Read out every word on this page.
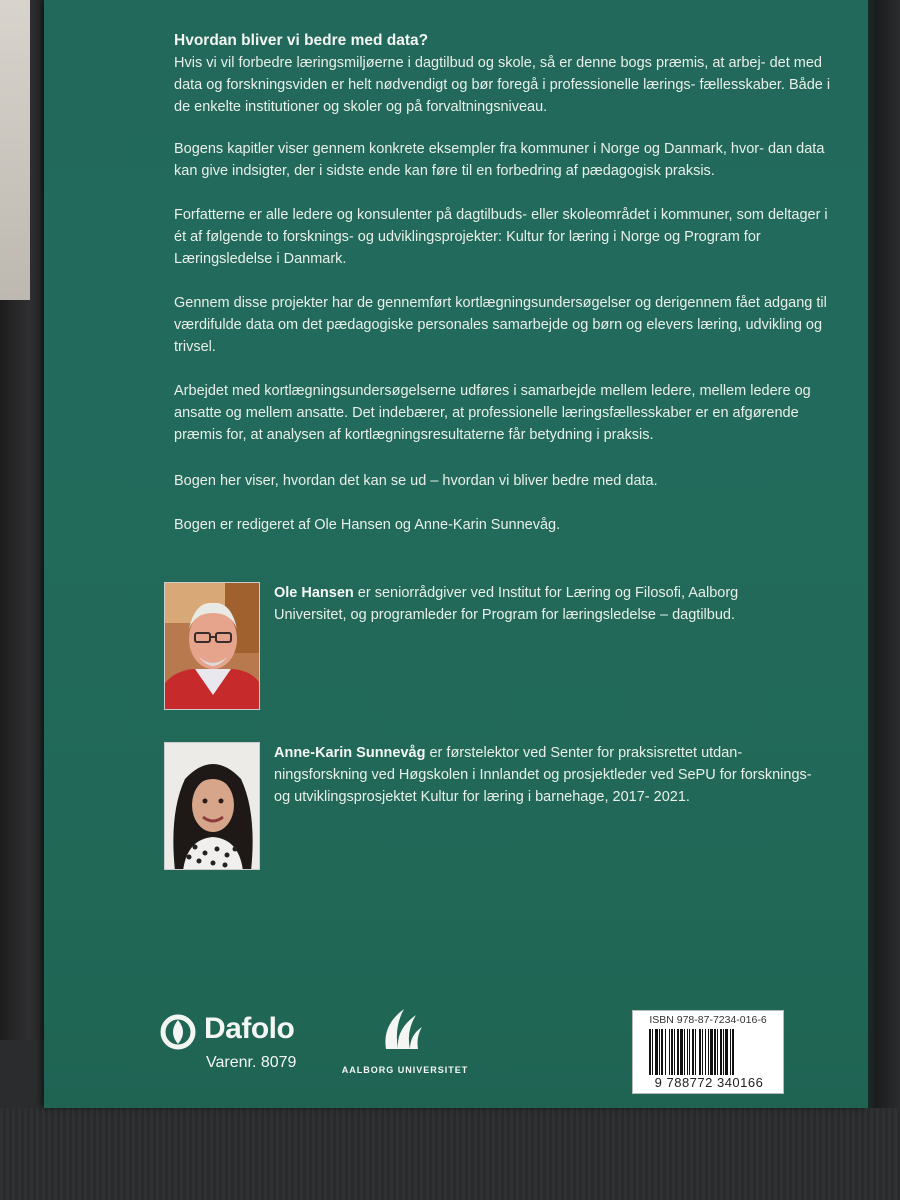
Hvordan bliver vi bedre med data?

Hvis vi vil forbedre læringsmiljøerne i dagtilbud og skole, så er denne bogs præmis, at arbej- det med data og forskningsviden er helt nødvendigt og bør foregå i professionelle lærings- fællesskaber. Både i de enkelte institutioner og skoler og på forvaltningsniveau.

Bogens kapitler viser gennem konkrete eksempler fra kommuner i Norge og Danmark, hvor- dan data kan give indsigter, der i sidste ende kan føre til en forbedring af pædagogisk praksis.

Forfatterne er alle ledere og konsulenter på dagtilbuds- eller skoleområdet i kommuner, som deltager i ét af følgende to forsknings- og udviklingsprojekter: Kultur for læring i Norge og Program for Læringsledelse i Danmark.

Gennem disse projekter har de gennemført kortlægningsundersøgelser og derigennem fået adgang til værdifulde data om det pædagogiske personales samarbejde og børn og elevers læring, udvikling og trivsel.

Arbejdet med kortlægningsundersøgelserne udføres i samarbejde mellem ledere, mellem ledere og ansatte og mellem ansatte. Det indebærer, at professionelle læringsfællesskaber er en afgørende præmis for, at analysen af kortlægningsresultaterne får betydning i praksis.

Bogen her viser, hvordan det kan se ud – hvordan vi bliver bedre med data.

Bogen er redigeret af Ole Hansen og Anne-Karin Sunnevåg.

Ole Hansen er seniorrådgiver ved Institut for Læring og Filosofi, Aalborg Universitet, og programleder for Program for læringsledelse – dagtilbud.
Anne-Karin Sunnevåg er førstelektor ved Senter for praksisrettet utdan- ningsforskning ved Høgskolen i Innlandet og prosjektleder ved SePU for forsknings- og utviklingsprosjektet Kultur for læring i barnehage, 2017- 2021.
Dafolo
Varenr. 8079	AALBORG UNIVERSITET
ISBN 978-87-7234-016-6
9 788772 340166
